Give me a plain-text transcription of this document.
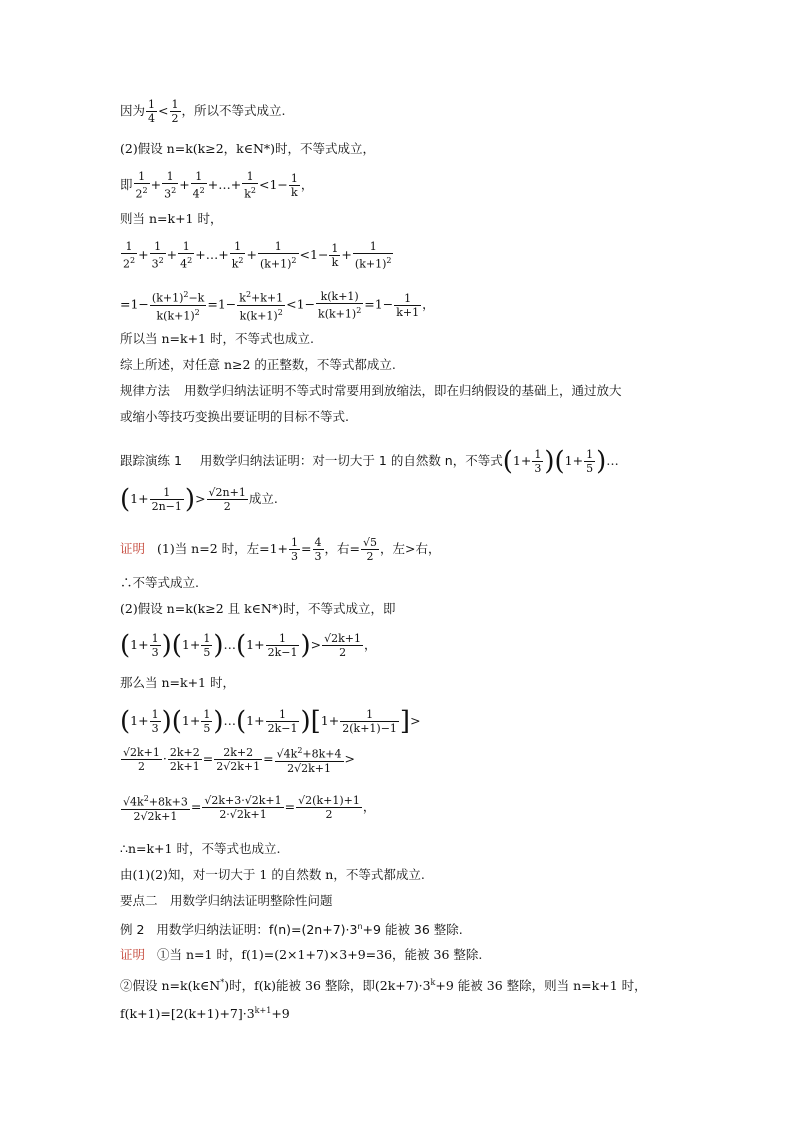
因为 $\frac{1}{4} < \frac{1}{2}$ ，所以不等式成立.
(2)假设 n=k(k≥2，k∈N*)时，不等式成立，
即 $\frac{1}{2^2} + \frac{1}{3^2} + \frac{1}{4^2}$ +…+ $\frac{1}{k^2} <1- \frac{1}{k}$ ，
则当 n=k+1 时，
$\frac{1}{2^2} + \frac{1}{3^2} + \frac{1}{4^2}$ +…+ $\frac{1}{k^2} + \frac{1}{(k+1)^2} <1- \frac{1}{k} + \frac{1}{(k+1)^2}$
$=1- \frac{(k+1)^2-k}{k(k+1)^2} =1- \frac{k^2+k+1}{k(k+1)^2} <1- \frac{k(k+1)}{k(k+1)^2} =1- \frac{1}{k+1}$ ，
所以当 n=k+1 时，不等式也成立.
综上所述，对任意 n≥2 的正整数，不等式都成立.
规律方法 用数学归纳法证明不等式时常要用到放缩法，即在归纳假设的基础上，通过放大
或缩小等技巧变换出要证明的目标不等式.
跟踪演练 1 用数学归纳法证明：对一切大于 1 的自然数 n，不等式$(1+ \frac{1}{3} )(1+ \frac{1}{5}$ )…
($1+ \frac{1}{2n-1}$ )> $\frac{√2n+1}{2}$ 成立.
证明 (1)当 n=2 时，左$=1+ \frac{1}{3} = \frac{4}{3}$ ，右= $\frac{√5}{2}$ ，左>右，
∴不等式成立.
(2)假设 n=k(k≥2 且 k∈N*)时，不等式成立，即
$(1+ \frac{1}{3} )(1+ \frac{1}{5}$ )…(1+ $\frac{1}{2k-1}$ )> $\frac{√2k+1}{2}$ ，
那么当 n=k+1 时，
$(1+ \frac{1}{3} )(1+ \frac{1}{5}$ )…(1+ $\frac{1}{2k-1} )[1+ \frac{1}{2(k+1)-1}$ ]>
$\frac{√2k+1}{2} \cdot \frac{2k+2}{2k+1} = \frac{2k+2}{2√2k+1} = \frac{√4k^2+8k+4}{2√2k+1}$ >
$\frac{√4k^2+8k+3}{2√2k+1} = \frac{√2k+3\cdot√2k+1}{2\cdot√2k+1} = \frac{√2(k+1)+1}{2}$ ，
∴n=k+1 时，不等式也成立.
由(1)(2)知，对一切大于 1 的自然数 n，不等式都成立.
要点二　用数学归纳法证明整除性问题
例 2 用数学归纳法证明：$f(n)=(2n+7)\cdot 3^n+9$ 能被 36 整除.
证明 ①当 n=1 时，f(1)=(2×1+7)×3+9=36，能被 36 整除.
②假设 n=k(k∈N*)时，f(k)能被 36 整除，即$(2k+7)\cdot 3^k+9$ 能被 36 整除，则当 n=k+1 时，
$f(k+1)=[2(k+1)+7]\cdot 3^{k+1}+9$
